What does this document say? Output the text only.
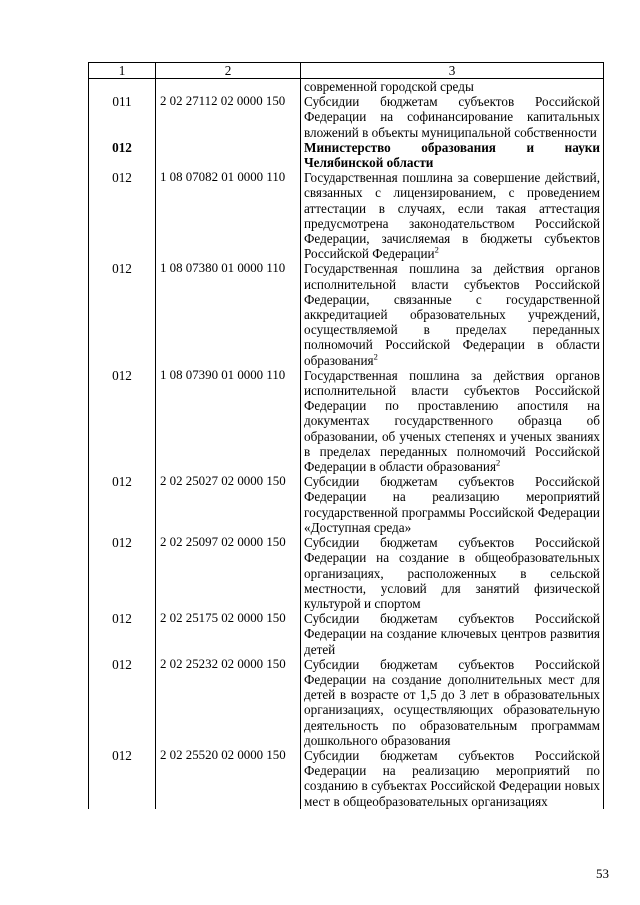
1	2	3
		современной городской среды
011	2 02 27112 02 0000 150	Субсидии бюджетам субъектов Российской Федерации на софинансирование капитальных вложений в объекты муниципальной собственности
012		Министерство образования и науки Челябинской области
012	1 08 07082 01 0000 110	Государственная пошлина за совершение действий, связанных с лицензированием, с проведением аттестации в случаях, если такая аттестация предусмотрена законодательством Российской Федерации, зачисляемая в бюджеты субъектов Российской Федерации$^2$
012	1 08 07380 01 0000 110	Государственная пошлина за действия органов исполнительной власти субъектов Российской Федерации, связанные с государственной аккредитацией образовательных учреждений, осуществляемой в пределах переданных полномочий Российской Федерации в области образования$^2$
012	1 08 07390 01 0000 110	Государственная пошлина за действия органов исполнительной власти субъектов Российской Федерации по проставлению апостиля на документах государственного образца об образовании, об ученых степенях и ученых званиях в пределах переданных полномочий Российской Федерации в области образования$^2$
012	2 02 25027 02 0000 150	Субсидии бюджетам субъектов Российской Федерации на реализацию мероприятий государственной программы Российской Федерации «Доступная среда»
012	2 02 25097 02 0000 150	Субсидии бюджетам субъектов Российской Федерации на создание в общеобразовательных организациях, расположенных в сельской местности, условий для занятий физической культурой и спортом
012	2 02 25175 02 0000 150	Субсидии бюджетам субъектов Российской Федерации на создание ключевых центров развития детей
012	2 02 25232 02 0000 150	Субсидии бюджетам субъектов Российской Федерации на создание дополнительных мест для детей в возрасте от 1,5 до 3 лет в образовательных организациях, осуществляющих образовательную деятельность по образовательным программам дошкольного образования
012	2 02 25520 02 0000 150	Субсидии бюджетам субъектов Российской Федерации на реализацию мероприятий по созданию в субъектах Российской Федерации новых мест в общеобразовательных организациях
53
